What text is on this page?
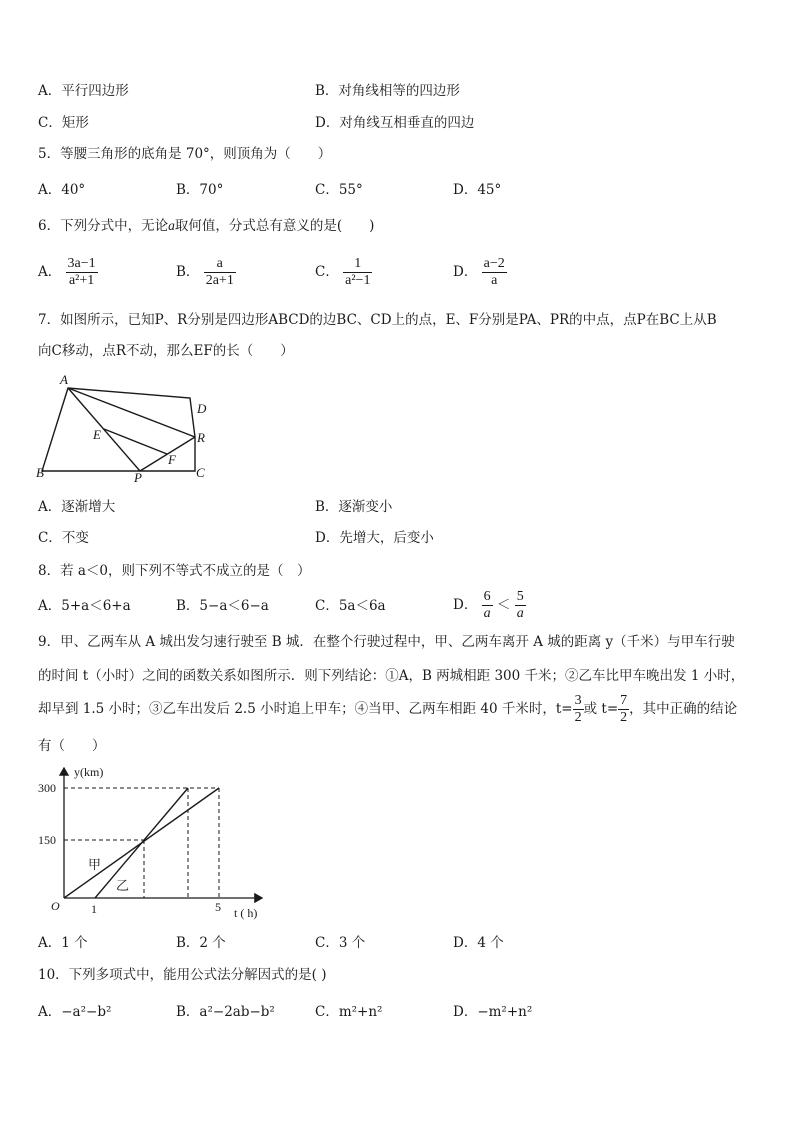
A．平行四边形	B．对角线相等的四边形
C．矩形	D．对角线互相垂直的四边
5．等腰三角形的底角是 70°，则顶角为（　　）
A．40°	B．70°	C．55°	D．45°
6．下列分式中，无论a取何值，分式总有意义的是(　　)
A． $\frac{3a-1}{\text{a²+1}}$	B． $\frac{a}{2a+1}$	C． $\frac{1}{\text{a²−1}}$	D． $\frac{a-2}{a}$
7．如图所示，已知P、R分别是四边形ABCD的边BC、CD上的点，E、F分别是PA、PR的中点，点P在BC上从B
向C移动，点R不动，那么EF的长（　　）
A
B	C
D
E
F
P
R
A．逐渐增大	B．逐渐变小
C．不变	D．先增大，后变小
8．若 a＜0，则下列不等式不成立的是（　）
A．5+a＜6+a	B．5−a＜6−a	C．5a＜6a	D． $\frac{6}{a} < \frac{5}{a}$
9．甲、乙两车从 A 城出发匀速行驶至 B 城．在整个行驶过程中，甲、乙两车离开 A 城的距离 y（千米）与甲车行驶
的时间 t（小时）之间的函数关系如图所示．则下列结论：①A，B 两城相距 300 千米；②乙车比甲车晚出发 1 小时，
却早到 1.5 小时；③乙车出发后 2.5 小时追上甲车；④当甲、乙两车相距 40 千米时，$t= \frac{3}{2}$ 或 $t= \frac{7}{2}$ ，其中正确的结论
有（　　）
y(km)
t ( h)
O
300
150
1	5
甲
乙
A．1 个	B．2 个	C．3 个	D．4 个
10．下列多项式中，能用公式法分解因式的是( )
A．−a²−b²	B．a²−2ab−b²	C．m²+n²	D．−m²+n²
